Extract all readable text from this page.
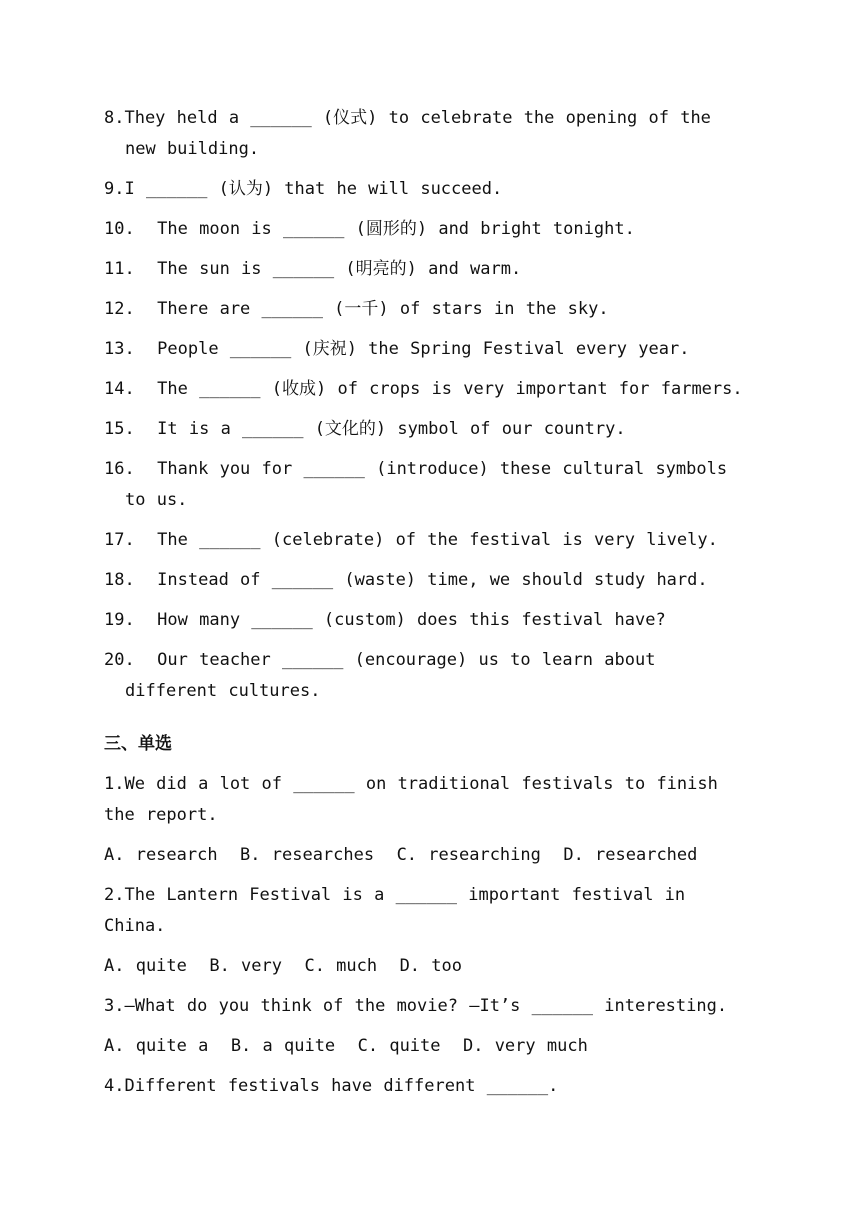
8.They held a ______ (仪式) to celebrate the opening of the new building.

9.I ______ (认为) that he will succeed.

10.  The moon is ______ (圆形的) and bright tonight.

11.  The sun is ______ (明亮的) and warm.

12.  There are ______ (一千) of stars in the sky.

13.  People ______ (庆祝) the Spring Festival every year.

14.  The ______ (收成) of crops is very important for farmers.

15.  It is a ______ (文化的) symbol of our country.

16.  Thank you for ______ (introduce) these cultural symbols to us.

17.  The ______ (celebrate) of the festival is very lively.

18.  Instead of ______ (waste) time, we should study hard.

19.  How many ______ (custom) does this festival have?

20.  Our teacher ______ (encourage) us to learn about different cultures.

三、单选

1.We did a lot of ______ on traditional festivals to finish the report.

A. research  B. researches  C. researching  D. researched

2.The Lantern Festival is a ______ important festival in China.

A. quite  B. very  C. much  D. too

3.—What do you think of the movie? —It’s ______ interesting.

A. quite a  B. a quite  C. quite  D. very much

4.Different festivals have different ______.
